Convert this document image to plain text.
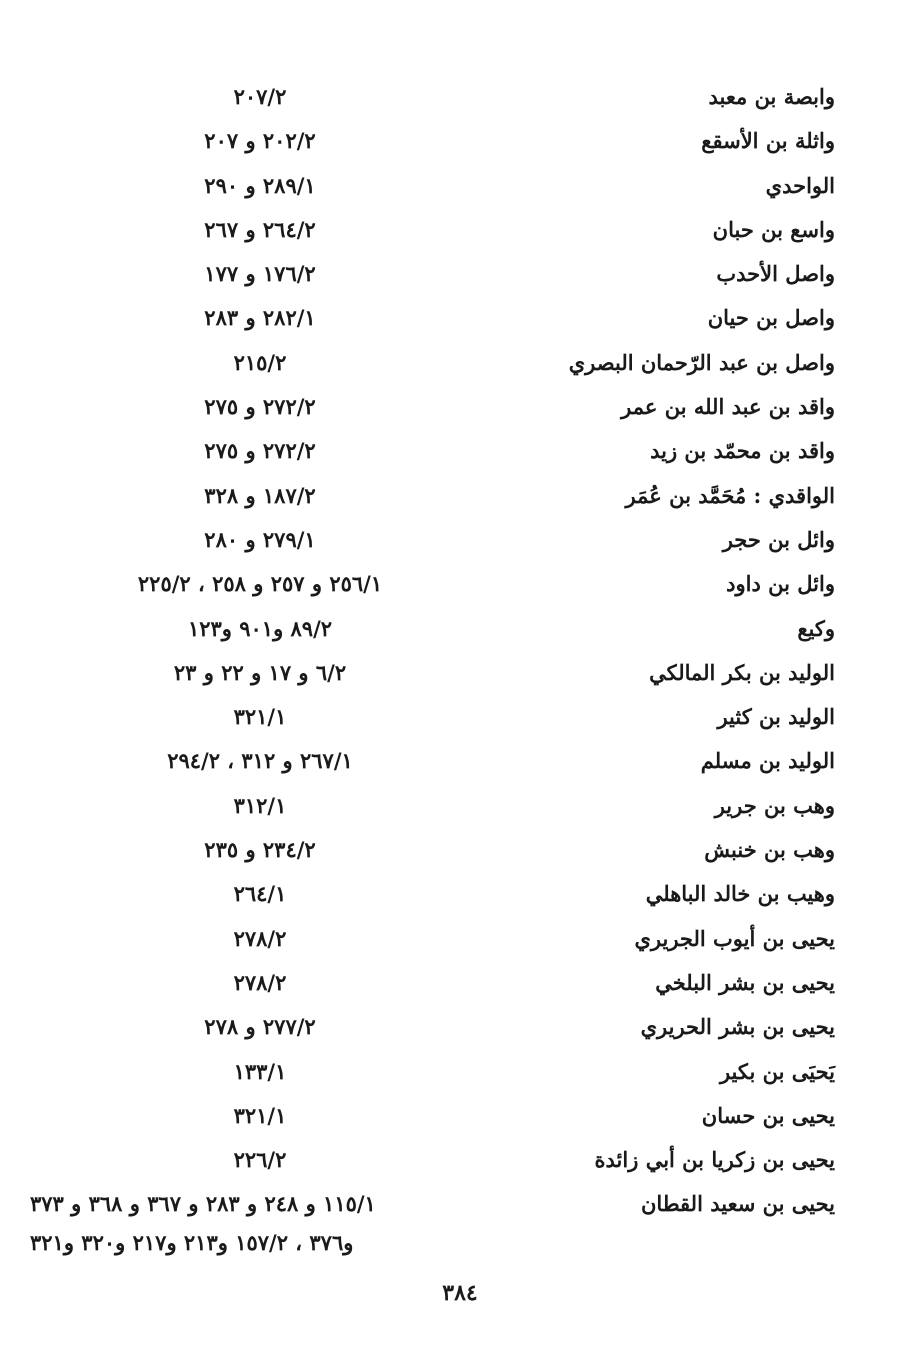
وابصة بن معبد
٢٠٧/٢
واثلة بن الأسقع
٢٠٢/٢ و ٢٠٧
الواحدي
٢٨٩/١ و ٢٩٠
واسع بن حبان
٢٦٤/٢ و ٢٦٧
واصل الأحدب
١٧٦/٢ و ١٧٧
واصل بن حيان
٢٨٢/١ و ٢٨٣
واصل بن عبد الرّحمان البصري
٢١٥/٢
واقد بن عبد الله بن عمر
٢٧٢/٢ و ٢٧٥
واقد بن محمّد بن زيد
٢٧٢/٢ و ٢٧٥
الواقدي : مُحَمَّد بن عُمَر
١٨٧/٢ و ٣٢٨
وائل بن حجر
٢٧٩/١ و ٢٨٠
وائل بن داود
٢٥٦/١ و ٢٥٧ و ٢٥٨ ، ٢٢٥/٢
وكيع
٨٩/٢ و٩٠١ و١٢٣
الوليد بن بكر المالكي
٦/٢ و ١٧ و ٢٢ و ٢٣
الوليد بن كثير
٣٢١/١
الوليد بن مسلم
٢٦٧/١ و ٣١٢ ، ٢٩٤/٢
وهب بن جرير
٣١٢/١
وهب بن خنبش
٢٣٤/٢ و ٢٣٥
وهيب بن خالد الباهلي
٢٦٤/١
يحيى بن أيوب الجريري
٢٧٨/٢
يحيى بن بشر البلخي
٢٧٨/٢
يحيى بن بشر الحريري
٢٧٧/٢ و ٢٧٨
يَحيَى بن بكير
١٣٣/١
يحيى بن حسان
٣٢١/١
يحيى بن زكريا بن أبي زائدة
٢٢٦/٢
يحيى بن سعيد القطان
١١٥/١ و ٢٤٨ و ٢٨٣ و ٣٦٧ و ٣٦٨ و ٣٧٣
و٣٧٦ ، ١٥٧/٢ و٢١٣ و٢١٧ و٣٢٠ و٣٢١
٣٨٤
